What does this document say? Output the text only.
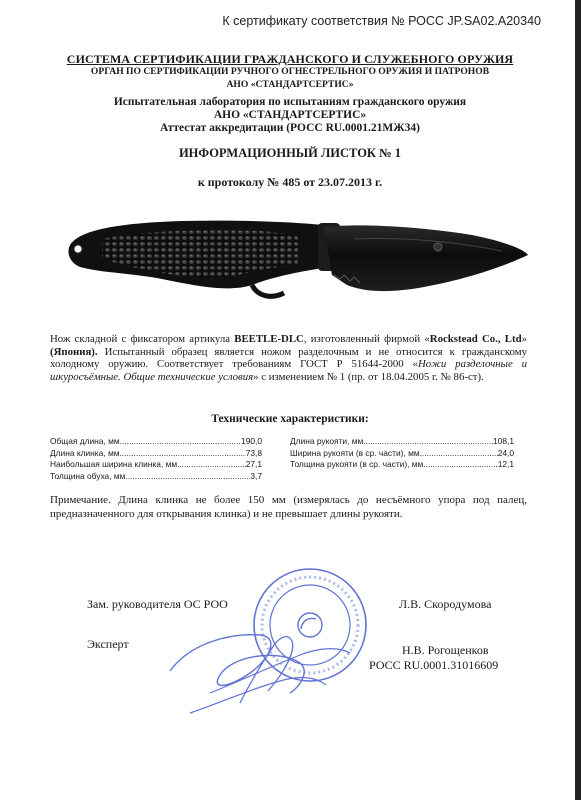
К сертификату соответствия № РОСС JP.SA02.A20340
СИСТЕМА СЕРТИФИКАЦИИ ГРАЖДАНСКОГО И СЛУЖЕБНОГО ОРУЖИЯ
ОРГАН ПО СЕРТИФИКАЦИИ РУЧНОГО ОГНЕСТРЕЛЬНОГО ОРУЖИЯ И ПАТРОНОВ
АНО «СТАНДАРТСЕРТИС»
Испытательная лаборатория по испытаниям гражданского оружия
АНО «СТАНДАРТСЕРТИС»
Аттестат аккредитации (РОСС RU.0001.21МЖ34)
ИНФОРМАЦИОННЫЙ ЛИСТОК № 1
к протоколу № 485 от 23.07.2013 г.
Нож складной с фиксатором артикула BEETLE-DLC, изготовленный фирмой «Rockstead Co., Ltd» (Япония). Испытанный образец является ножом разделочным и не относится к гражданскому холодному оружию. Соответствует требованиям ГОСТ Р 51644-2000 «Ножи разделочные и шкуросъёмные. Общие технические условия» с изменением № 1 (пр. от 18.04.2005 г. № 86-ст).
Технические характеристики:
Общая длина, мм .....	190,0
Длина клинка, мм .....	73,8
Наибольшая ширина клинка, мм .....	27,1
Толщина обуха, мм .....	3,7
Длина рукояти, мм .....	108,1
Ширина рукояти (в ср. части), мм .....	24,0
Толщина рукояти (в ср. части), мм .....	12,1
Примечание. Длина клинка не более 150 мм (измерялась до несъёмного упора под палец, предназначенного для открывания клинка) и не превышает длины рукояти.
Зам. руководителя ОС РОО	Л.В. Скородумова
Эксперт	Н.В. Рогощенков
РОСС RU.0001.31016609
